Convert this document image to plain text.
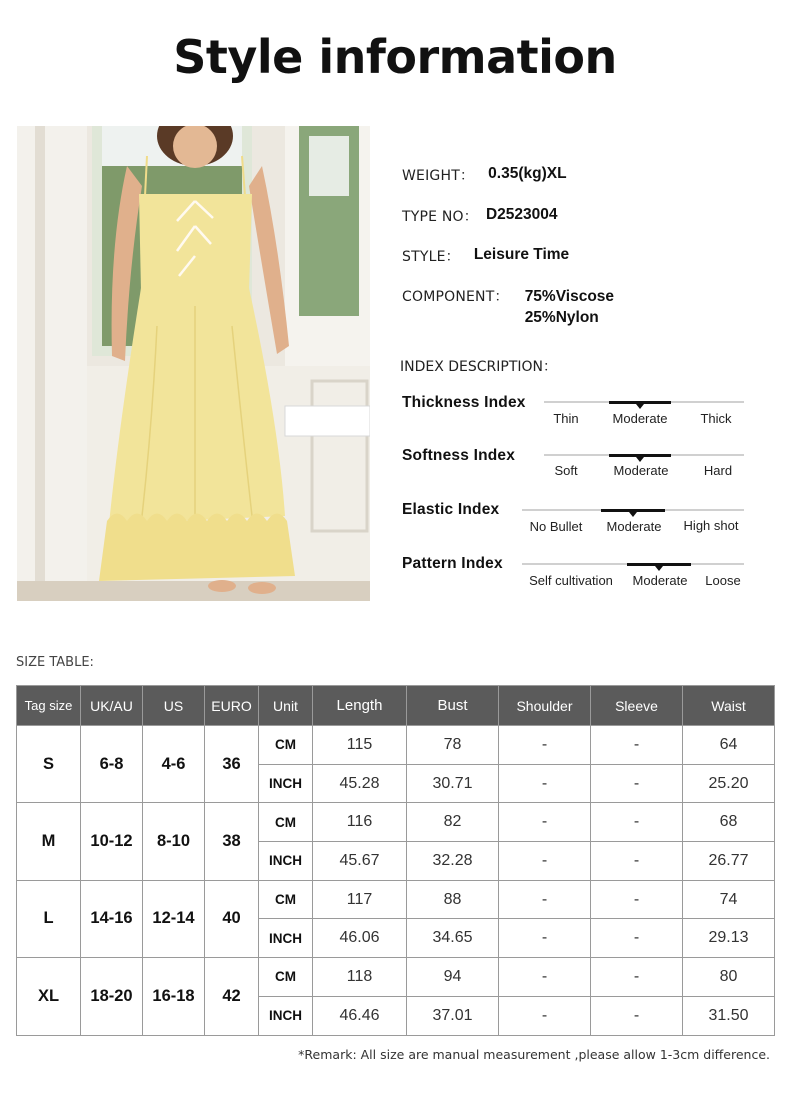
Style information
WEIGHT： 0.35(kg)XL
TYPE NO： D2523004
STYLE： Leisure Time
COMPONENT： 75%Viscose
25%Nylon
INDEX DESCRIPTION：
Thickness Index
Thin	Moderate	Thick
Softness Index
Soft	Moderate	Hard
Elastic Index
No Bullet Moderate High shot
Pattern Index
Self cultivation Moderate Loose
SIZE TABLE:
Tag size	UK/AU	US	EURO	Unit	Length	Bust	Shoulder	Sleeve	Waist
S	6-8	4-6	36	CM	115	78	-	-	64
				INCH	45.28	30.71	-	-	25.20
M	10-12	8-10	38	CM	116	82	-	-	68
				INCH	45.67	32.28	-	-	26.77
L	14-16	12-14	40	CM	117	88	-	-	74
				INCH	46.06	34.65	-	-	29.13
XL	18-20	16-18	42	CM	118	94	-	-	80
				INCH	46.46	37.01	-	-	31.50
*Remark: All size are manual measurement ,please allow 1-3cm difference.
